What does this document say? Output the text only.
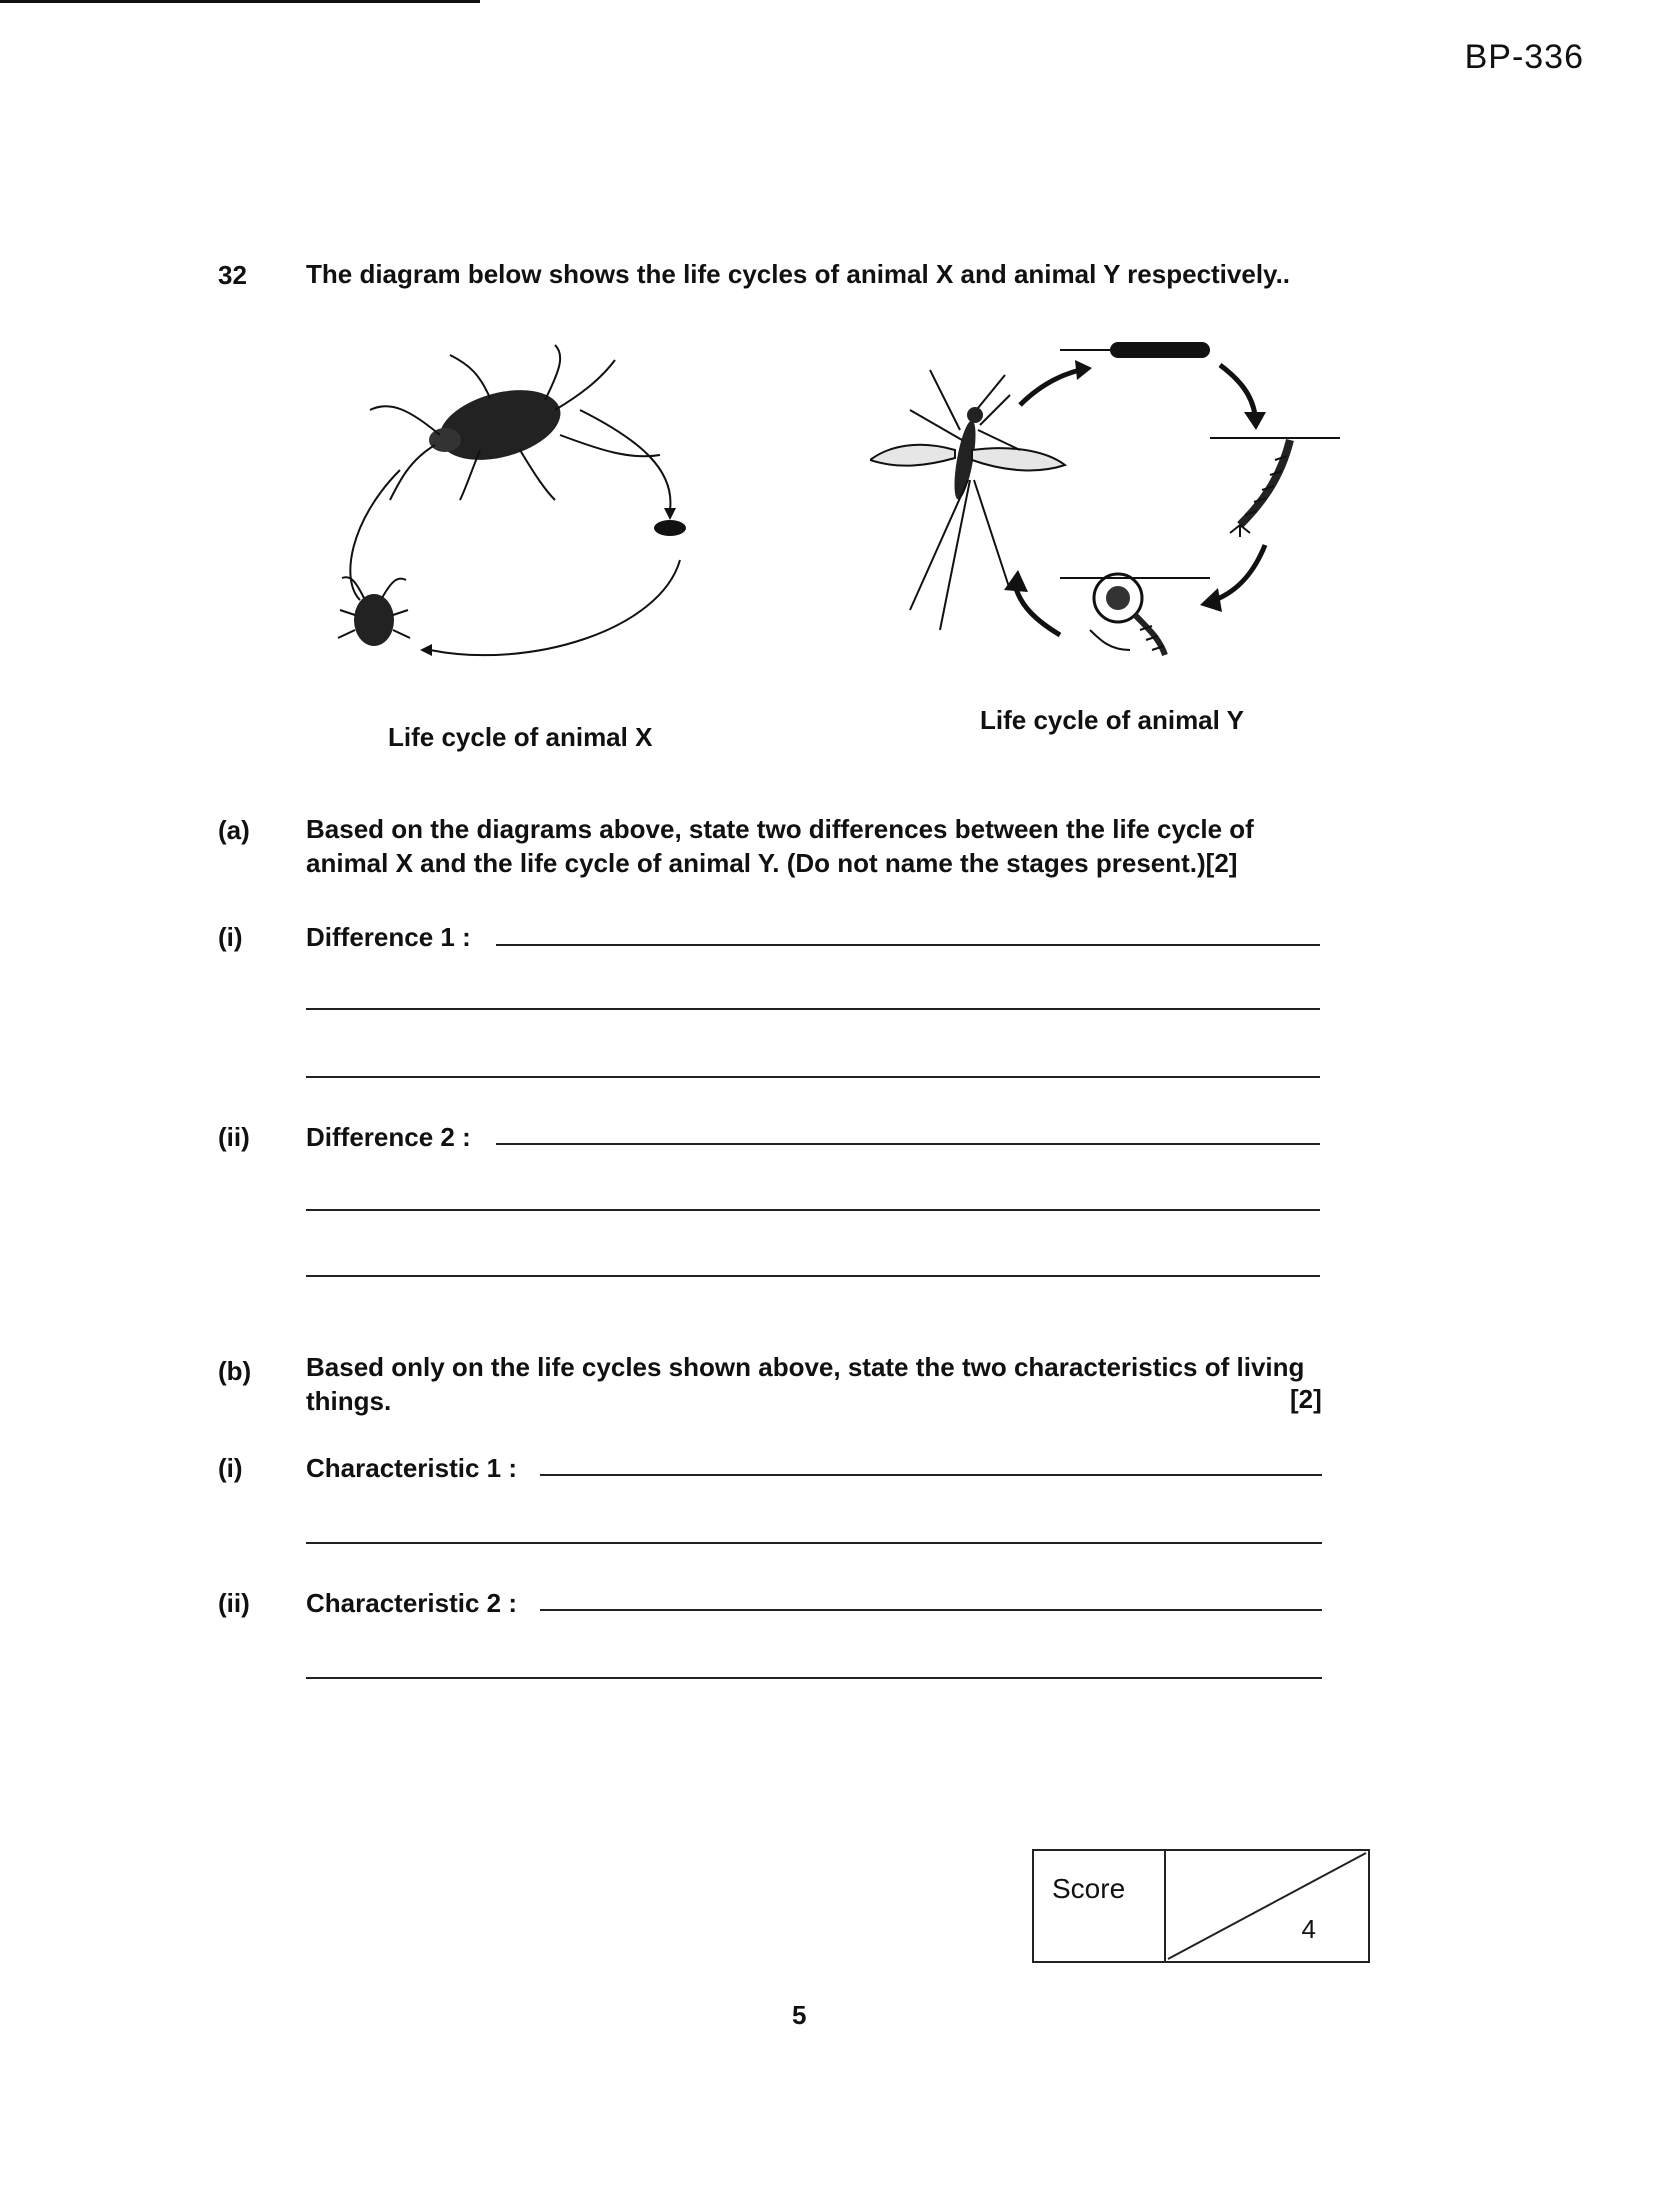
BP-336
32 The diagram below shows the life cycles of animal X and animal Y respectively..
Life cycle of animal X
Life cycle of animal Y
(a) Based on the diagrams above, state two differences between the life cycle of
animal X and the life cycle of animal Y. (Do not name the stages present.)[2]
(i) Difference 1 :
(ii) Difference 2 :
(b) Based only on the life cycles shown above, state the two characteristics of living
things.	[2]
(i) Characteristic 1 :
(ii) Characteristic 2 :
Score
4
5
